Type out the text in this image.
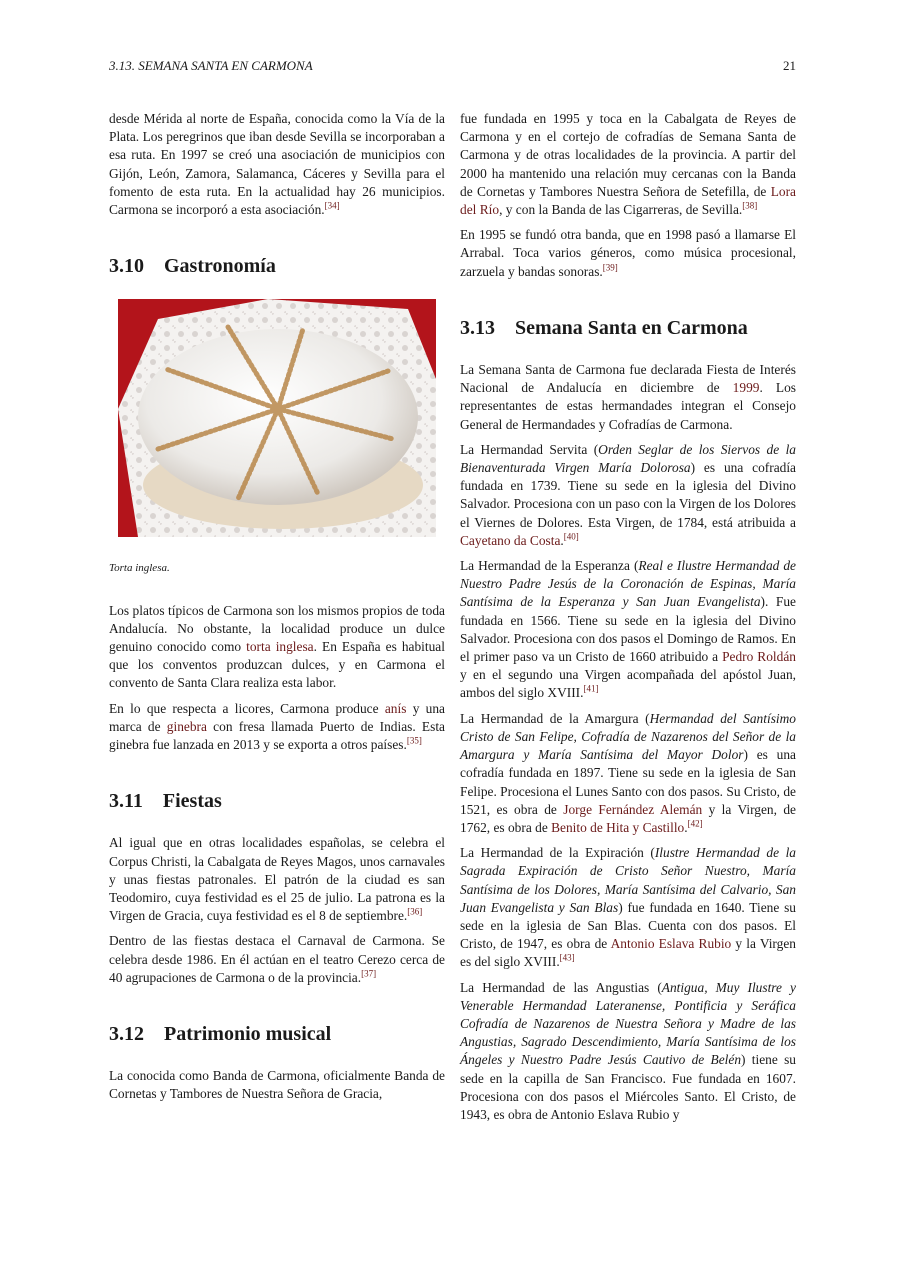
3.13. SEMANA SANTA EN CARMONA	21

desde Mérida al norte de España, conocida como la Vía de la Plata. Los peregrinos que iban desde Sevilla se incorporaban a esa ruta. En 1997 se creó una asociación de municipios con Gijón, León, Zamora, Salamanca, Cáceres y Sevilla para el fomento de esta ruta. En la actualidad hay 26 municipios. Carmona se incorporó a esta asociación.[34]

3.10 Gastronomía
Torta inglesa.

Los platos típicos de Carmona son los mismos propios de toda Andalucía. No obstante, la localidad produce un dulce genuino conocido como torta inglesa. En España es habitual que los conventos produzcan dulces, y en Carmona el convento de Santa Clara realiza esta labor.

En lo que respecta a licores, Carmona produce anís y una marca de ginebra con fresa llamada Puerto de Indias. Esta ginebra fue lanzada en 2013 y se exporta a otros países.[35]

3.11 Fiestas

Al igual que en otras localidades españolas, se celebra el Corpus Christi, la Cabalgata de Reyes Magos, unos carnavales y unas fiestas patronales. El patrón de la ciudad es san Teodomiro, cuya festividad es el 25 de julio. La patrona es la Virgen de Gracia, cuya festividad es el 8 de septiembre.[36]

Dentro de las fiestas destaca el Carnaval de Carmona. Se celebra desde 1986. En él actúan en el teatro Cerezo cerca de 40 agrupaciones de Carmona o de la provincia.[37]

3.12 Patrimonio musical

La conocida como Banda de Carmona, oficialmente Banda de Cornetas y Tambores de Nuestra Señora de Gracia,

fue fundada en 1995 y toca en la Cabalgata de Reyes de Carmona y en el cortejo de cofradías de Semana Santa de Carmona y de otras localidades de la provincia. A partir del 2000 ha mantenido una relación muy cercanas con la Banda de Cornetas y Tambores Nuestra Señora de Setefilla, de Lora del Río, y con la Banda de las Cigarreras, de Sevilla.[38]

En 1995 se fundó otra banda, que en 1998 pasó a llamarse El Arrabal. Toca varios géneros, como música procesional, zarzuela y bandas sonoras.[39]

3.13 Semana Santa en Carmona

La Semana Santa de Carmona fue declarada Fiesta de Interés Nacional de Andalucía en diciembre de 1999. Los representantes de estas hermandades integran el Consejo General de Hermandades y Cofradías de Carmona.

La Hermandad Servita (Orden Seglar de los Siervos de la Bienaventurada Virgen María Dolorosa) es una cofradía fundada en 1739. Tiene su sede en la iglesia del Divino Salvador. Procesiona con un paso con la Virgen de los Dolores el Viernes de Dolores. Esta Virgen, de 1784, está atribuida a Cayetano da Costa.[40]

La Hermandad de la Esperanza (Real e Ilustre Hermandad de Nuestro Padre Jesús de la Coronación de Espinas, María Santísima de la Esperanza y San Juan Evangelista). Fue fundada en 1566. Tiene su sede en la iglesia del Divino Salvador. Procesiona con dos pasos el Domingo de Ramos. En el primer paso va un Cristo de 1660 atribuido a Pedro Roldán y en el segundo una Virgen acompañada del apóstol Juan, ambos del siglo XVIII.[41]

La Hermandad de la Amargura (Hermandad del Santísimo Cristo de San Felipe, Cofradía de Nazarenos del Señor de la Amargura y María Santísima del Mayor Dolor) es una cofradía fundada en 1897. Tiene su sede en la iglesia de San Felipe. Procesiona el Lunes Santo con dos pasos. Su Cristo, de 1521, es obra de Jorge Fernández Alemán y la Virgen, de 1762, es obra de Benito de Hita y Castillo.[42]

La Hermandad de la Expiración (Ilustre Hermandad de la Sagrada Expiración de Cristo Señor Nuestro, María Santísima de los Dolores, María Santísima del Calvario, San Juan Evangelista y San Blas) fue fundada en 1640. Tiene su sede en la iglesia de San Blas. Cuenta con dos pasos. El Cristo, de 1947, es obra de Antonio Eslava Rubio y la Virgen es del siglo XVIII.[43]

La Hermandad de las Angustias (Antigua, Muy Ilustre y Venerable Hermandad Lateranense, Pontificia y Seráfica Cofradía de Nazarenos de Nuestra Señora y Madre de las Angustias, Sagrado Descendimiento, María Santísima de los Ángeles y Nuestro Padre Jesús Cautivo de Belén) tiene su sede en la capilla de San Francisco. Fue fundada en 1607. Procesiona con dos pasos el Miércoles Santo. El Cristo, de 1943, es obra de Antonio Eslava Rubio y
